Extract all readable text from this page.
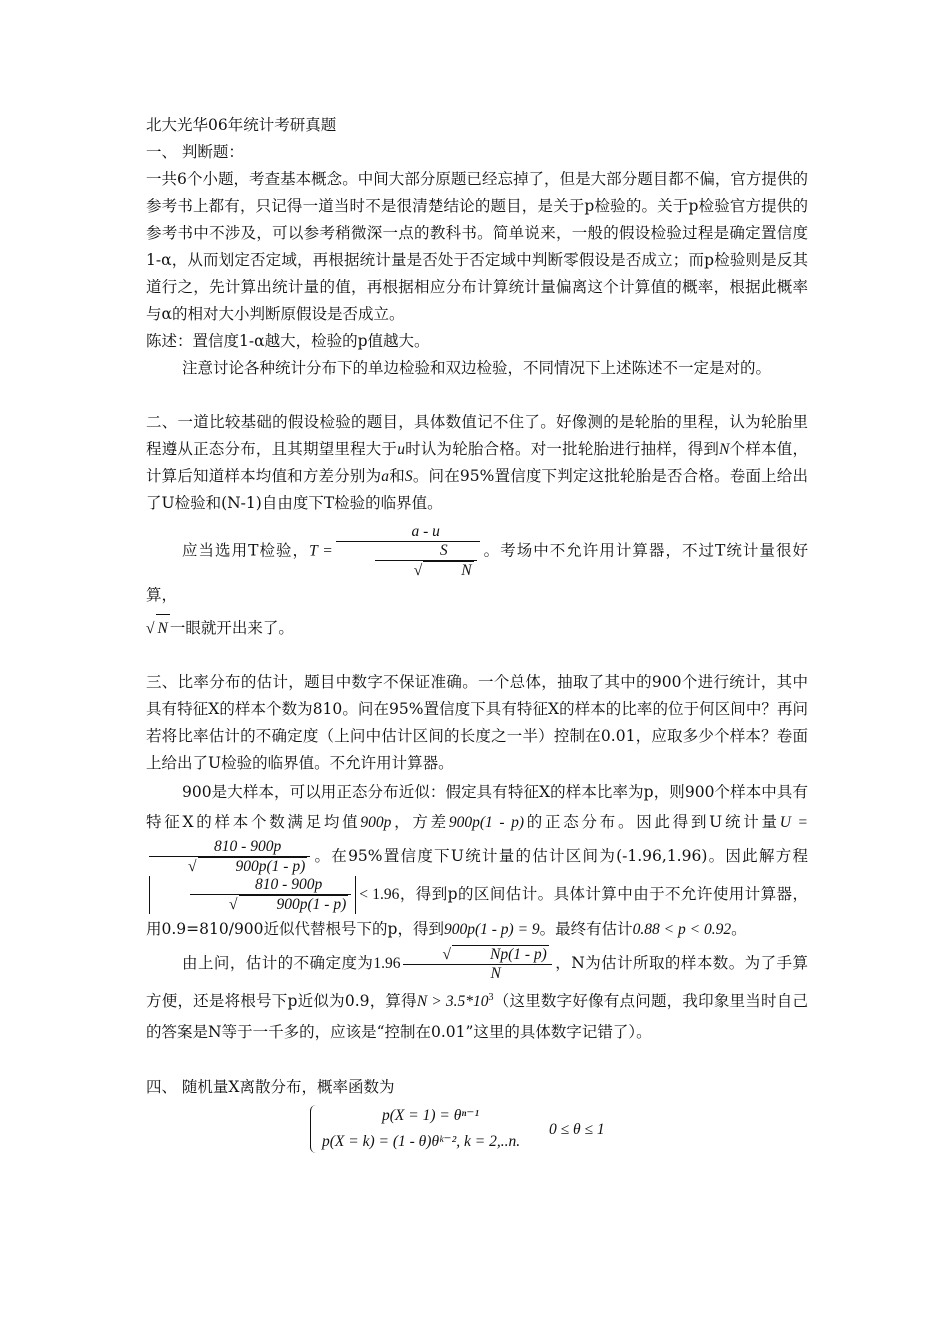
北大光华06年统计考研真题

一、 判断题：

一共6个小题，考查基本概念。中间大部分原题已经忘掉了，但是大部分题目都不偏，官方提供的参考书上都有，只记得一道当时不是很清楚结论的题目，是关于p检验的。关于p检验官方提供的参考书中不涉及，可以参考稍微深一点的教科书。简单说来，一般的假设检验过程是确定置信度1-α，从而划定否定域，再根据统计量是否处于否定域中判断零假设是否成立；而p检验则是反其道行之，先计算出统计量的值，再根据相应分布计算统计量偏离这个计算值的概率，根据此概率与α的相对大小判断原假设是否成立。

陈述：置信度1-α越大，检验的p值越大。

注意讨论各种统计分布下的单边检验和双边检验，不同情况下上述陈述不一定是对的。

二、一道比较基础的假设检验的题目，具体数值记不住了。好像测的是轮胎的里程，认为轮胎里程遵从正态分布，且其期望里程大于u时认为轮胎合格。对一批轮胎进行抽样，得到N个样本值，计算后知道样本均值和方差分别为a和S。问在95%置信度下判定这批轮胎是否合格。卷面上给出了U检验和(N-1)自由度下T检验的临界值。

应当选用T检验，T = a - u
S
√	N 。考场中不允许用计算器，不过T统计量很好算，

√ N 一眼就开出来了。

三、比率分布的估计，题目中数字不保证准确。一个总体，抽取了其中的900个进行统计，其中具有特征X的样本个数为810。问在95%置信度下具有特征X的样本的比率的位于何区间中？再问若将比率估计的不确定度（上问中估计区间的长度之一半）控制在0.01，应取多少个样本？卷面上给出了U检验的临界值。不允许用计算器。

900是大样本，可以用正态分布近似：假定具有特征X的样本比率为p，则900个样本中具有特征X的样本个数满足均值900p，方差900p(1 - p)的正态分布。因此得到U统计量U =
810 - 900p
√	900p(1 - p) 。在95%置信度下U统计量的估计区间为(-1.96,1.96)。因此解方程
810 - 900p
√	900p(1 - p) < 1.96，得到p的区间估计。具体计算中由于不允许使用计算器，用0.9=810/900近似代替根号下的p，得到900p(1 - p) = 9。最终有估计0.88 < p < 0.92。

由上问，估计的不确定度为1.96 √	Np(1 - p)
N ，N为估计所取的样本数。为了手算方便，还是将根号下p近似为0.9，算得$N > 3.5*10^3$（这里数字好像有点问题，我印象里当时自己的答案是N等于一千多的，应该是“控制在0.01”这里的具体数字记错了）。

四、 随机量X离散分布，概率函数为

p(X = 1) = θⁿ⁻¹
p(X = k) = (1 - θ)θᵏ⁻², k = 2,..n.
0 ≤ θ ≤ 1
